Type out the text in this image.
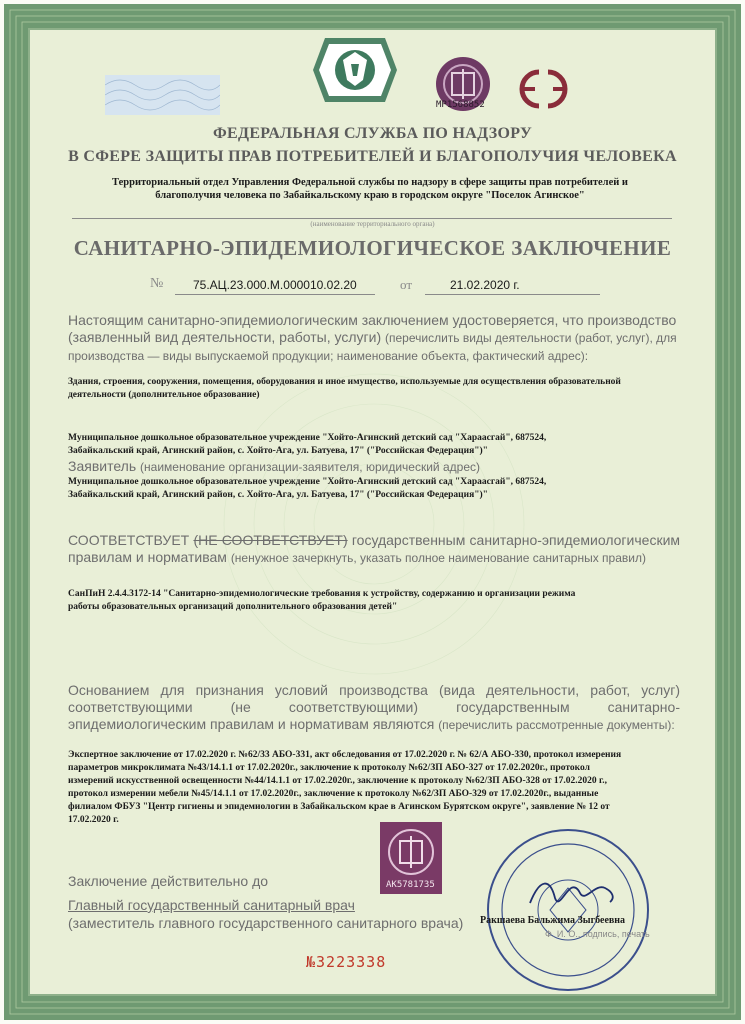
МР1568852
ФЕДЕРАЛЬНАЯ СЛУЖБА ПО НАДЗОРУ
В СФЕРЕ ЗАЩИТЫ ПРАВ ПОТРЕБИТЕЛЕЙ И БЛАГОПОЛУЧИЯ ЧЕЛОВЕКА
Территориальный отдел Управления Федеральной службы по надзору в сфере защиты прав потребителей и благополучия человека по Забайкальскому краю в городском округе "Поселок Агинское"
(наименование территориального органа)
САНИТАРНО-ЭПИДЕМИОЛОГИЧЕСКОЕ ЗАКЛЮЧЕНИЕ
№ 75.АЦ.23.000.М.000010.02.20	от	21.02.2020 г.
Настоящим санитарно-эпидемиологическим заключением удостоверяется, что производство (заявленный вид деятельности, работы, услуги) (перечислить виды деятельности (работ, услуг), для производства — виды выпускаемой продукции; наименование объекта, фактический адрес):
Здания, строения, сооружения, помещения, оборудования и иное имущество, используемые для осуществления образовательной деятельности (дополнительное образование)
Муниципальное дошкольное образовательное учреждение "Хойто-Агинский детский сад "Хараасгай", 687524, Забайкальский край, Агинский район, с. Хойто-Ага, ул. Батуева, 17" ("Российская Федерация")"
Заявитель (наименование организации-заявителя, юридический адрес)
Муниципальное дошкольное образовательное учреждение "Хойто-Агинский детский сад "Хараасгай", 687524, Забайкальский край, Агинский район, с. Хойто-Ага, ул. Батуева, 17" ("Российская Федерация")"
СООТВЕТСТВУЕТ (НЕ СООТВЕТСТВУЕТ) государственным санитарно-эпидемиологическим правилам и нормативам (ненужное зачеркнуть, указать полное наименование санитарных правил)
СанПиН 2.4.4.3172-14 "Санитарно-эпидемиологические требования к устройству, содержанию и организации режима работы образовательных организаций дополнительного образования детей"
Основанием для признания условий производства (вида деятельности, работ, услуг) соответствующими (не соответствующими) государственным санитарно-эпидемиологическим правилам и нормативам являются (перечислить рассмотренные документы):
Экспертное заключение от 17.02.2020 г. №62/33 АБО-331, акт обследования от 17.02.2020 г. № 62/А АБО-330, протокол измерения параметров микроклимата №43/14.1.1 от 17.02.2020г., заключение к протоколу №62/ЗП АБО-327 от 17.02.2020г., протокол измерений искусственной освещенности №44/14.1.1 от 17.02.2020г., заключение к протоколу №62/ЗП АБО-328 от 17.02.2020 г., протокол измерении мебели №45/14.1.1 от 17.02.2020г., заключение к протоколу №62/ЗП АБО-329 от 17.02.2020г., выданные филиалом ФБУЗ "Центр гигиены и эпидемиологии в Забайкальском крае в Агинском Бурятском округе", заявление № 12 от 17.02.2020 г.
AK5781735
Заключение действительно до
Главный государственный санитарный врач
(заместитель главного государственного санитарного врача) Ракшаева Бальжима Зыгбеевна
Ф. И. О., подпись, печать
№3223338
